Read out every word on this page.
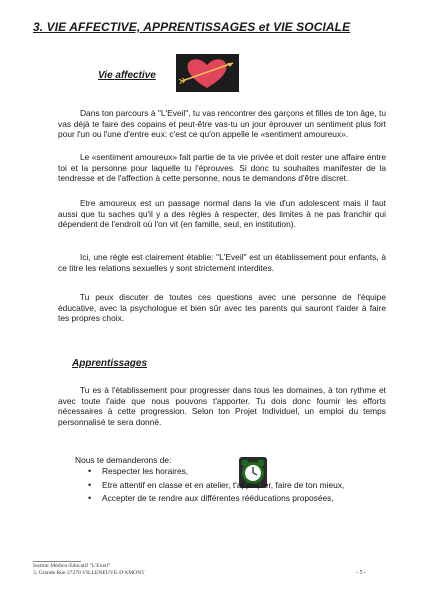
3. VIE AFFECTIVE, APPRENTISSAGES et VIE SOCIALE
Vie affective

Dans ton parcours à "L'Eveil", tu vas rencontrer des garçons et filles de ton âge, tu vas déjà te faire des copains et peut-être vas-tu un jour éprouver un sentiment plus fort pour l'un ou l'une d'entre eux: c'est ce qu'on appelle le «sentiment amoureux».

Le «sentiment amoureux» fait partie de ta vie privée et doit rester une affaire entre toi et la personne pour laquelle tu l'éprouves. Si donc tu souhaites manifester de la tendresse et de l'affection à cette personne, nous te demandons d'être discret.

Etre amoureux est un passage normal dans la vie d'un adolescent mais il faut aussi que tu saches qu'il y a des règles à respecter, des limites à ne pas franchir qui dépendent de l'endroit où l'on vit (en famille, seul, en institution).

Ici, une règle est clairement établie: "L'Eveil" est un établissement pour enfants, à ce titre les relations sexuelles y sont strictement interdites.

Tu peux discuter de toutes ces questions avec une personne de l'équipe éducative, avec la psychologue et bien sûr avec tes parents qui sauront t'aider à faire tes propres choix.

Apprentissages

Tu es à l'établissement pour progresser dans tous les domaines, à ton rythme et avec toute l'aide que nous pouvons t'apporter. Tu dois donc fournir les efforts nécessaires à cette progression. Selon ton Projet Individuel, un emploi du temps personnalisé te sera donné.

Nous te demanderons de:
• Respecter les horaires,
• Etre attentif en classe et en atelier, t'appliquer, faire de ton mieux,
• Accepter de te rendre aux différentes rééducations proposées,
Institut Médico-Educatif "L'Eveil"
3, Grande Rue 27270 VILLENEUVE-D'AMONT	- 5 -
